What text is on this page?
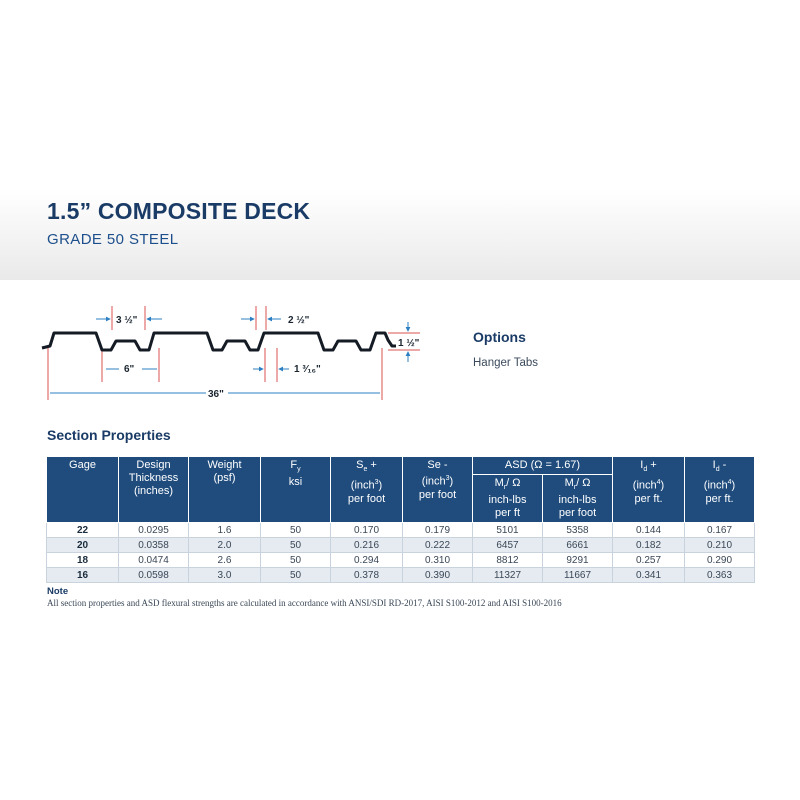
1.5” COMPOSITE DECK
GRADE 50 STEEL
3 ½"	2 ½"
1 ½"
6"	1 ³⁄₁₆"
36"
Options
Hanger Tabs
Section Properties
Gage	Design
Thickness
(inches)	Weight
(psf)	$F_y$
ksi	$S_e$ +
(inch$^3$)
per foot	Se -
(inch$^3$)
per foot	ASD (Ω = 1.67)		$I_d$ +
(inch$^4$)
per ft.	$I_d$ -
(inch$^4$)
per ft.
						$M_r/$ Ω
inch-lbs
per ft	$M_r/$ Ω
inch-lbs
per foot		
22	0.0295	1.6	50	0.170	0.179	5101	5358	0.144	0.167
20	0.0358	2.0	50	0.216	0.222	6457	6661	0.182	0.210
18	0.0474	2.6	50	0.294	0.310	8812	9291	0.257	0.290
16	0.0598	3.0	50	0.378	0.390	11327	11667	0.341	0.363
Note
All section properties and ASD flexural strengths are calculated in accordance with ANSI/SDI RD-2017, AISI S100-2012 and AISI S100-2016
